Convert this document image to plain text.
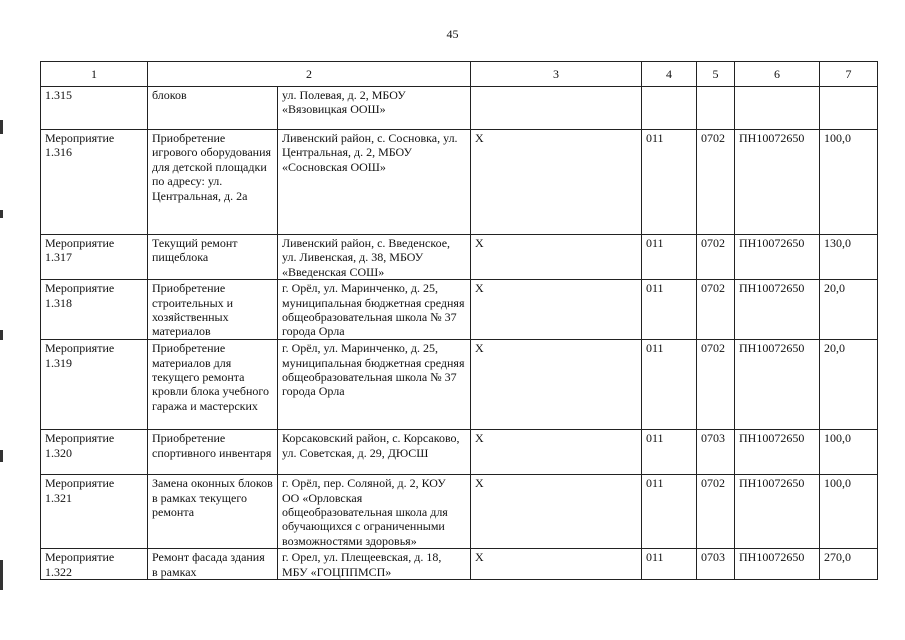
45
1	2		3	4	5	6	7
1.315	блоков	ул. Полевая, д. 2, МБОУ «Вязовицкая ООШ»					
Мероприятие 1.316	Приобретение игрового оборудования для детской площадки по адресу: ул. Центральная, д. 2а	Ливенский район, с. Сосновка, ул. Центральная, д. 2, МБОУ «Сосновская ООШ»	Х	011	0702	ПН10072650	100,0
Мероприятие 1.317	Текущий ремонт пищеблока	Ливенский район, с. Введенское, ул. Ливенская, д. 38, МБОУ «Введенская СОШ»	Х	011	0702	ПН10072650	130,0
Мероприятие 1.318	Приобретение строительных и хозяйственных материалов	г. Орёл, ул. Маринченко, д. 25, муниципальная бюджетная средняя общеобразовательная школа № 37 города Орла	Х	011	0702	ПН10072650	20,0
Мероприятие 1.319	Приобретение материалов для текущего ремонта кровли блока учебного гаража и мастерских	г. Орёл, ул. Маринченко, д. 25, муниципальная бюджетная средняя общеобразовательная школа № 37 города Орла	Х	011	0702	ПН10072650	20,0
Мероприятие 1.320	Приобретение спортивного инвентаря	Корсаковский район, с. Корсаково, ул. Советская, д. 29, ДЮСШ	Х	011	0703	ПН10072650	100,0
Мероприятие 1.321	Замена оконных блоков в рамках текущего ремонта	г. Орёл, пер. Соляной, д. 2, КОУ ОО «Орловская общеобразовательная школа для обучающихся с ограниченными возможностями здоровья»	Х	011	0702	ПН10072650	100,0
Мероприятие 1.322	Ремонт фасада здания в рамках	г. Орел, ул. Плещеевская, д. 18, МБУ «ГОЦППМСП»	Х	011	0703	ПН10072650	270,0
